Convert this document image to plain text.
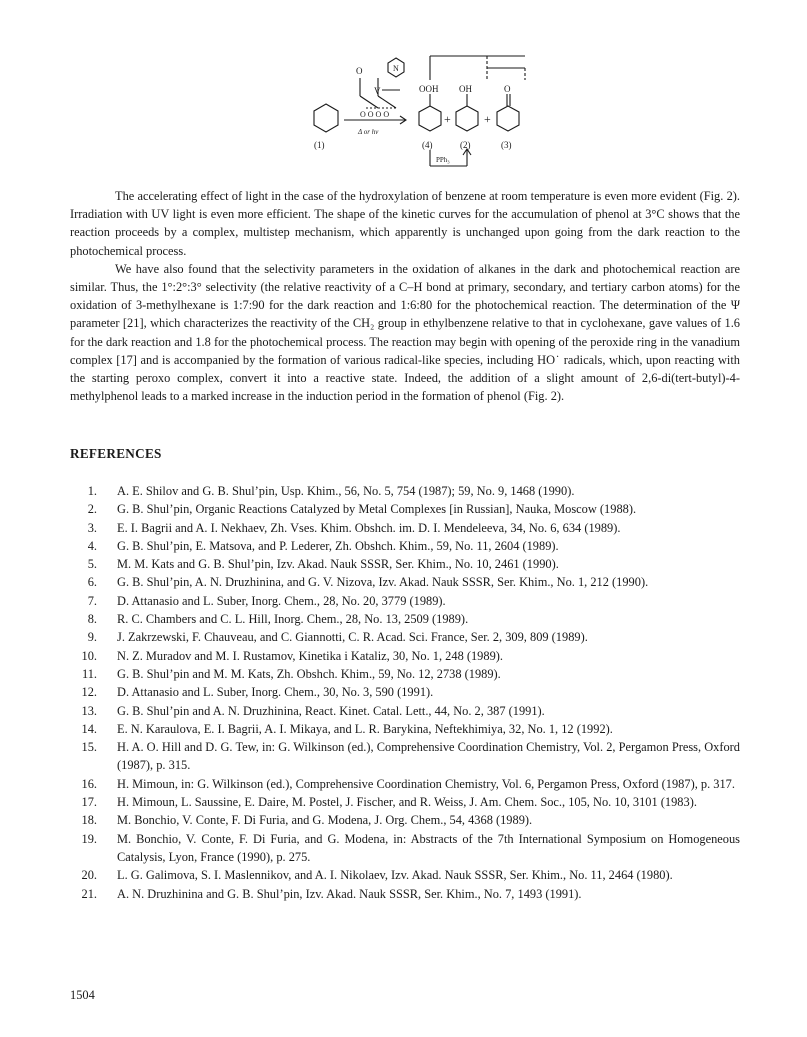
O	N
V
O O O O
Δ or hν
OOH OH	O
+	+
PPh₃
(1)	(4)	(2)	(3)

The accelerating effect of light in the case of the hydroxylation of benzene at room temperature is even more evident (Fig. 2). Irradiation with UV light is even more efficient. The shape of the kinetic curves for the accumulation of phenol at 3°C shows that the reaction proceeds by a complex, multistep mechanism, which apparently is unchanged upon going from the dark reaction to the photochemical process.

We have also found that the selectivity parameters in the oxidation of alkanes in the dark and photochemical reaction are similar. Thus, the 1°:2°:3° selectivity (the relative reactivity of a C–H bond at primary, secondary, and tertiary carbon atoms) for the oxidation of 3-methylhexane is 1:7:90 for the dark reaction and 1:6:80 for the photochemical reaction. The determination of the Ψ parameter [21], which characterizes the reactivity of the CH₂ group in ethylbenzene relative to that in cyclohexane, gave values of 1.6 for the dark reaction and 1.8 for the photochemical process. The reaction may begin with opening of the peroxide ring in the vanadium complex [17] and is accompanied by the formation of various radical-like species, including HO˙ radicals, which, upon reacting with the starting peroxo complex, convert it into a reactive state. Indeed, the addition of a slight amount of 2,6-di(tert-butyl)-4-methylphenol leads to a marked increase in the induction period in the formation of phenol (Fig. 2).

REFERENCES
1. A. E. Shilov and G. B. Shul’pin, Usp. Khim., 56, No. 5, 754 (1987); 59, No. 9, 1468 (1990).
2. G. B. Shul’pin, Organic Reactions Catalyzed by Metal Complexes [in Russian], Nauka, Moscow (1988).
3. E. I. Bagrii and A. I. Nekhaev, Zh. Vses. Khim. Obshch. im. D. I. Mendeleeva, 34, No. 6, 634 (1989).
4. G. B. Shul’pin, E. Matsova, and P. Lederer, Zh. Obshch. Khim., 59, No. 11, 2604 (1989).
5. M. M. Kats and G. B. Shul’pin, Izv. Akad. Nauk SSSR, Ser. Khim., No. 10, 2461 (1990).
6. G. B. Shul’pin, A. N. Druzhinina, and G. V. Nizova, Izv. Akad. Nauk SSSR, Ser. Khim., No. 1, 212 (1990).
7. D. Attanasio and L. Suber, Inorg. Chem., 28, No. 20, 3779 (1989).
8. R. C. Chambers and C. L. Hill, Inorg. Chem., 28, No. 13, 2509 (1989).
9. J. Zakrzewski, F. Chauveau, and C. Giannotti, C. R. Acad. Sci. France, Ser. 2, 309, 809 (1989).
10. N. Z. Muradov and M. I. Rustamov, Kinetika i Kataliz, 30, No. 1, 248 (1989).
11. G. B. Shul’pin and M. M. Kats, Zh. Obshch. Khim., 59, No. 12, 2738 (1989).
12. D. Attanasio and L. Suber, Inorg. Chem., 30, No. 3, 590 (1991).
13. G. B. Shul’pin and A. N. Druzhinina, React. Kinet. Catal. Lett., 44, No. 2, 387 (1991).
14. E. N. Karaulova, E. I. Bagrii, A. I. Mikaya, and L. R. Barykina, Neftekhimiya, 32, No. 1, 12 (1992).
15. H. A. O. Hill and D. G. Tew, in: G. Wilkinson (ed.), Comprehensive Coordination Chemistry, Vol. 2, Pergamon Press, Oxford (1987), p. 315.
16. H. Mimoun, in: G. Wilkinson (ed.), Comprehensive Coordination Chemistry, Vol. 6, Pergamon Press, Oxford (1987), p. 317.
17. H. Mimoun, L. Saussine, E. Daire, M. Postel, J. Fischer, and R. Weiss, J. Am. Chem. Soc., 105, No. 10, 3101 (1983).
18. M. Bonchio, V. Conte, F. Di Furia, and G. Modena, J. Org. Chem., 54, 4368 (1989).
19. M. Bonchio, V. Conte, F. Di Furia, and G. Modena, in: Abstracts of the 7th International Symposium on Homogeneous Catalysis, Lyon, France (1990), p. 275.
20. L. G. Galimova, S. I. Maslennikov, and A. I. Nikolaev, Izv. Akad. Nauk SSSR, Ser. Khim., No. 11, 2464 (1980).
21. A. N. Druzhinina and G. B. Shul’pin, Izv. Akad. Nauk SSSR, Ser. Khim., No. 7, 1493 (1991).
1504
